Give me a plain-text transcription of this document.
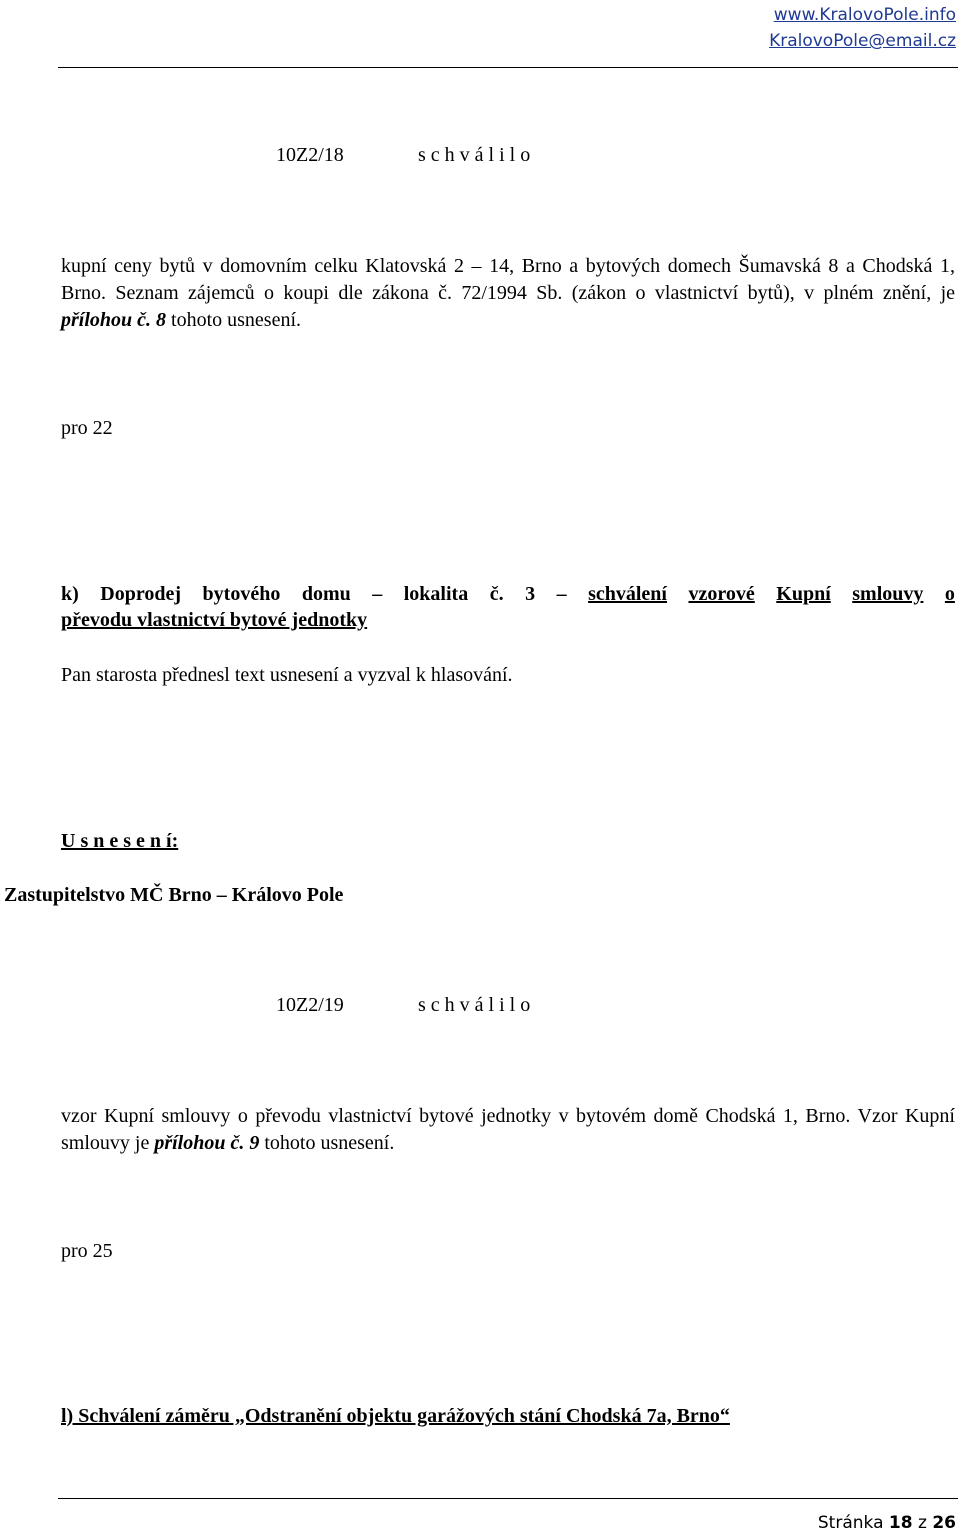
www.KralovoPole.info
KralovoPole@email.cz
10Z2/18	s c h v á l i l o
kupní ceny bytů v domovním celku Klatovská 2 – 14, Brno a bytových domech Šumavská 8 a Chodská 1, Brno. Seznam zájemců o koupi dle zákona č. 72/1994 Sb. (zákon o vlastnictví bytů), v plném znění, je přílohou č. 8 tohoto usnesení.
pro 22
k) Doprodej bytového domu – lokalita č. 3 – schválení vzorové Kupní smlouvy o
převodu vlastnictví bytové jednotky
Pan starosta přednesl text usnesení a vyzval k hlasování.
U s n e s e n í:
Zastupitelstvo MČ Brno – Královo Pole
10Z2/19	s c h v á l i l o
vzor Kupní smlouvy o převodu vlastnictví bytové jednotky v bytovém domě Chodská 1, Brno. Vzor Kupní smlouvy je přílohou č. 9 tohoto usnesení.
pro 25
l) Schválení záměru „Odstranění objektu garážových stání Chodská 7a, Brno“
Stránka 18 z 26
